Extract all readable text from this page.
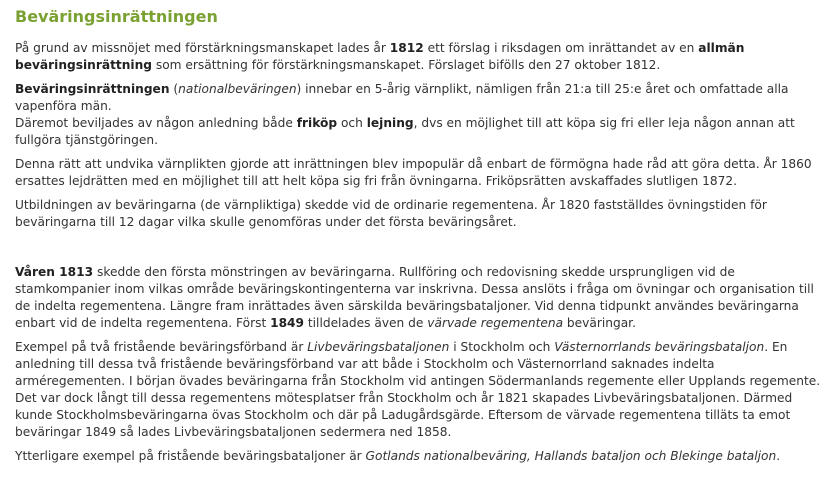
Beväringsinrättningen

På grund av missnöjet med förstärkningsmanskapet lades år 1812 ett förslag i riksdagen om inrättandet av en allmän beväringsinrättning som ersättning för förstärkningsmanskapet. Förslaget bifölls den 27 oktober 1812.

Beväringsinrättningen (nationalbeväringen) innebar en 5-årig värnplikt, nämligen från 21:a till 25:e året och omfattade alla vapenföra män.
Däremot beviljades av någon anledning både friköp och lejning, dvs en möjlighet till att köpa sig fri eller leja någon annan att fullgöra tjänstgöringen.

Denna rätt att undvika värnplikten gjorde att inrättningen blev impopulär då enbart de förmögna hade råd att göra detta. År 1860 ersattes lejdrätten med en möjlighet till att helt köpa sig fri från övningarna. Friköpsrätten avskaffades slutligen 1872.

Utbildningen av beväringarna (de värnpliktiga) skedde vid de ordinarie regementena. År 1820 fastställdes övningstiden för beväringarna till 12 dagar vilka skulle genomföras under det första beväringsåret.

Våren 1813 skedde den första mönstringen av beväringarna. Rullföring och redovisning skedde ursprungligen vid de stamkompanier inom vilkas område beväringskontingenterna var inskrivna. Dessa anslöts i fråga om övningar och organisation till de indelta regementena. Längre fram inrättades även särskilda beväringsbataljoner. Vid denna tidpunkt användes beväringarna enbart vid de indelta regementena. Först 1849 tilldelades även de värvade regementena beväringar.

Exempel på två fristående beväringsförband är Livbeväringsbataljonen i Stockholm och Västernorrlands beväringsbataljon. En anledning till dessa två fristående beväringsförband var att både i Stockholm och Västernorrland saknades indelta arméregementen. I början övades beväringarna från Stockholm vid antingen Södermanlands regemente eller Upplands regemente. Det var dock långt till dessa regementens mötesplatser från Stockholm och år 1821 skapades Livbeväringsbataljonen. Därmed kunde Stockholmsbeväringarna övas Stockholm och där på Ladugårdsgärde. Eftersom de värvade regementena tilläts ta emot beväringar 1849 så lades Livbeväringsbataljonen sedermera ned 1858.

Ytterligare exempel på fristående beväringsbataljoner är Gotlands nationalbeväring, Hallands bataljon och Blekinge bataljon.
